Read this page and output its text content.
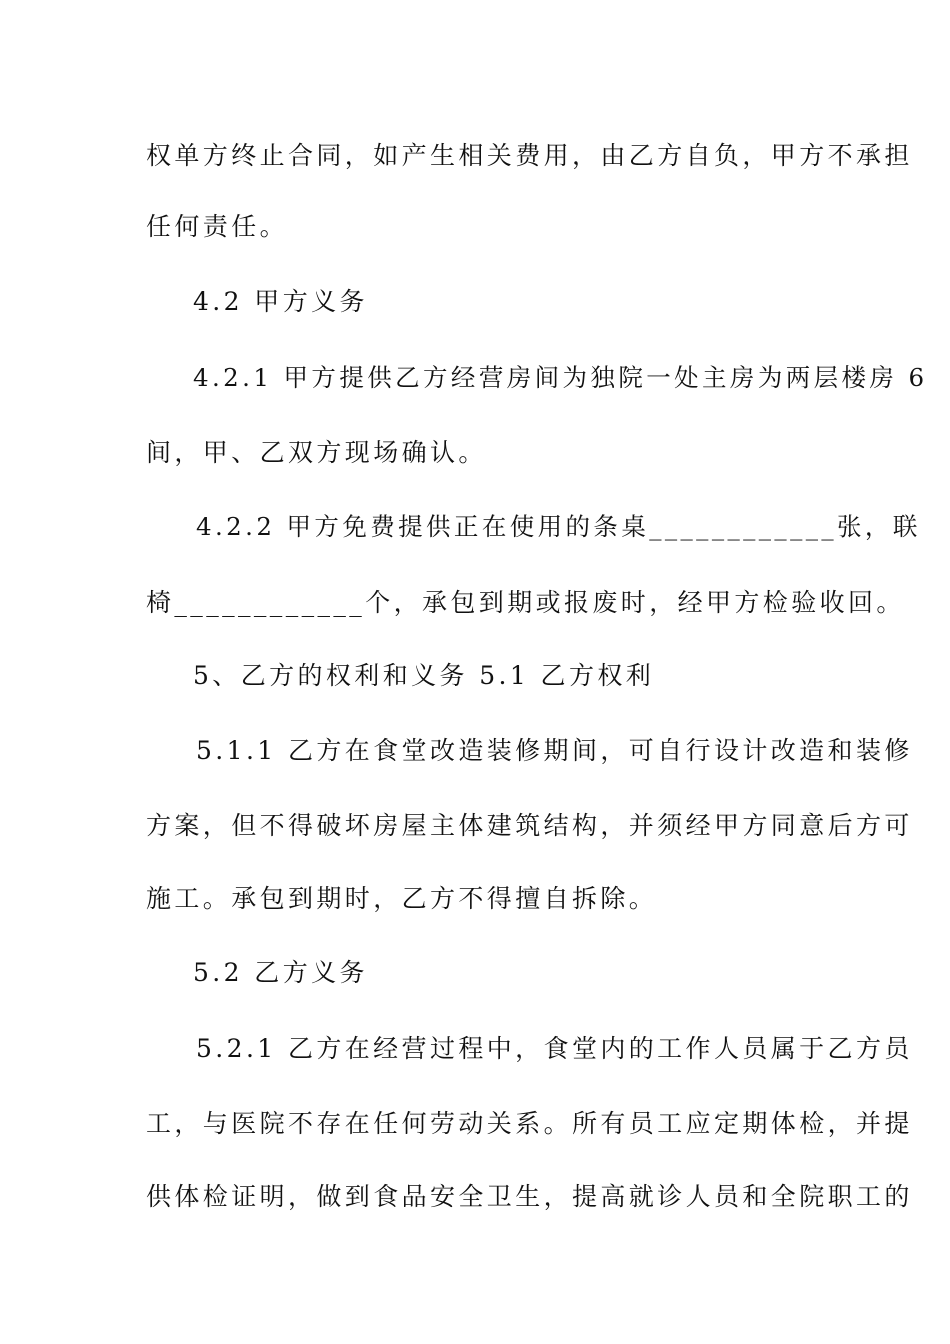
权单方终止合同，如产生相关费用，由乙方自负，甲方不承担
任何责任。
4.2 甲方义务
4.2.1 甲方提供乙方经营房间为独院一处主房为两层楼房 6
间，甲、乙双方现场确认。
4.2.2 甲方免费提供正在使用的条桌____________张，联
椅____________个，承包到期或报废时，经甲方检验收回。
5、乙方的权利和义务 5.1 乙方权利
5.1.1 乙方在食堂改造装修期间，可自行设计改造和装修
方案，但不得破坏房屋主体建筑结构，并须经甲方同意后方可
施工。承包到期时，乙方不得擅自拆除。
5.2 乙方义务
5.2.1 乙方在经营过程中，食堂内的工作人员属于乙方员
工，与医院不存在任何劳动关系。所有员工应定期体检，并提
供体检证明，做到食品安全卫生，提高就诊人员和全院职工的
